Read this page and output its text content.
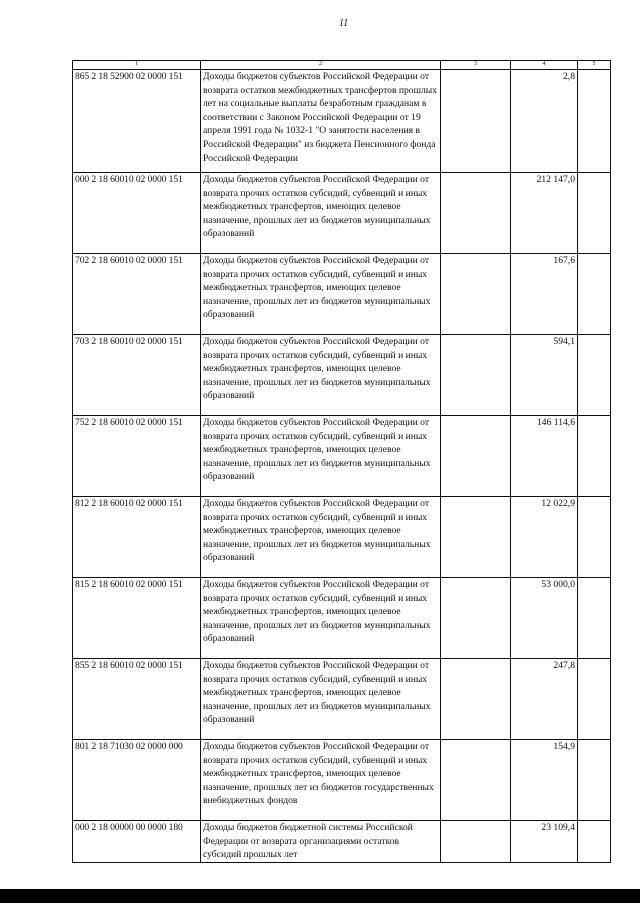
11
1	2	3	4	5
865 2 18 52900 02 0000 151	Доходы бюджетов субъектов Российской Федерации от возврата остатков межбюджетных трансфертов прошлых лет на социальные выплаты безработным гражданам в соответствии с Законом Российской Федерации от 19 апреля 1991 года № 1032-1 "О занятости населения в Российской Федерации" из бюджета Пенсионного фонда Российской Федерации		2,8	
000 2 18 60010 02 0000 151	Доходы бюджетов субъектов Российской Федерации от возврата прочих остатков субсидий, субвенций и иных межбюджетных трансфертов, имеющих целевое назначение, прошлых лет из бюджетов муниципальных образований		212 147,0	
702 2 18 60010 02 0000 151	Доходы бюджетов субъектов Российской Федерации от возврата прочих остатков субсидий, субвенций и иных межбюджетных трансфертов, имеющих целевое назначение, прошлых лет из бюджетов муниципальных образований		167,6	
703 2 18 60010 02 0000 151	Доходы бюджетов субъектов Российской Федерации от возврата прочих остатков субсидий, субвенций и иных межбюджетных трансфертов, имеющих целевое назначение, прошлых лет из бюджетов муниципальных образований		594,1	
752 2 18 60010 02 0000 151	Доходы бюджетов субъектов Российской Федерации от возврата прочих остатков субсидий, субвенций и иных межбюджетных трансфертов, имеющих целевое назначение, прошлых лет из бюджетов муниципальных образований		146 114,6	
812 2 18 60010 02 0000 151	Доходы бюджетов субъектов Российской Федерации от возврата прочих остатков субсидий, субвенций и иных межбюджетных трансфертов, имеющих целевое назначение, прошлых лет из бюджетов муниципальных образований		12 022,9	
815 2 18 60010 02 0000 151	Доходы бюджетов субъектов Российской Федерации от возврата прочих остатков субсидий, субвенций и иных межбюджетных трансфертов, имеющих целевое назначение, прошлых лет из бюджетов муниципальных образований		53 000,0	
855 2 18 60010 02 0000 151	Доходы бюджетов субъектов Российской Федерации от возврата прочих остатков субсидий, субвенций и иных межбюджетных трансфертов, имеющих целевое назначение, прошлых лет из бюджетов муниципальных образований		247,8	
801 2 18 71030 02 0000 000	Доходы бюджетов субъектов Российской Федерации от возврата прочих остатков субсидий, субвенций и иных межбюджетных трансфертов, имеющих целевое назначение, прошлых лет из бюджетов государственных внебюджетных фондов		154,9	
000 2 18 00000 00 0000 180	Доходы бюджетов бюджетной системы Российской Федерации от возврата организациями остатков субсидий прошлых лет		23 109,4	
